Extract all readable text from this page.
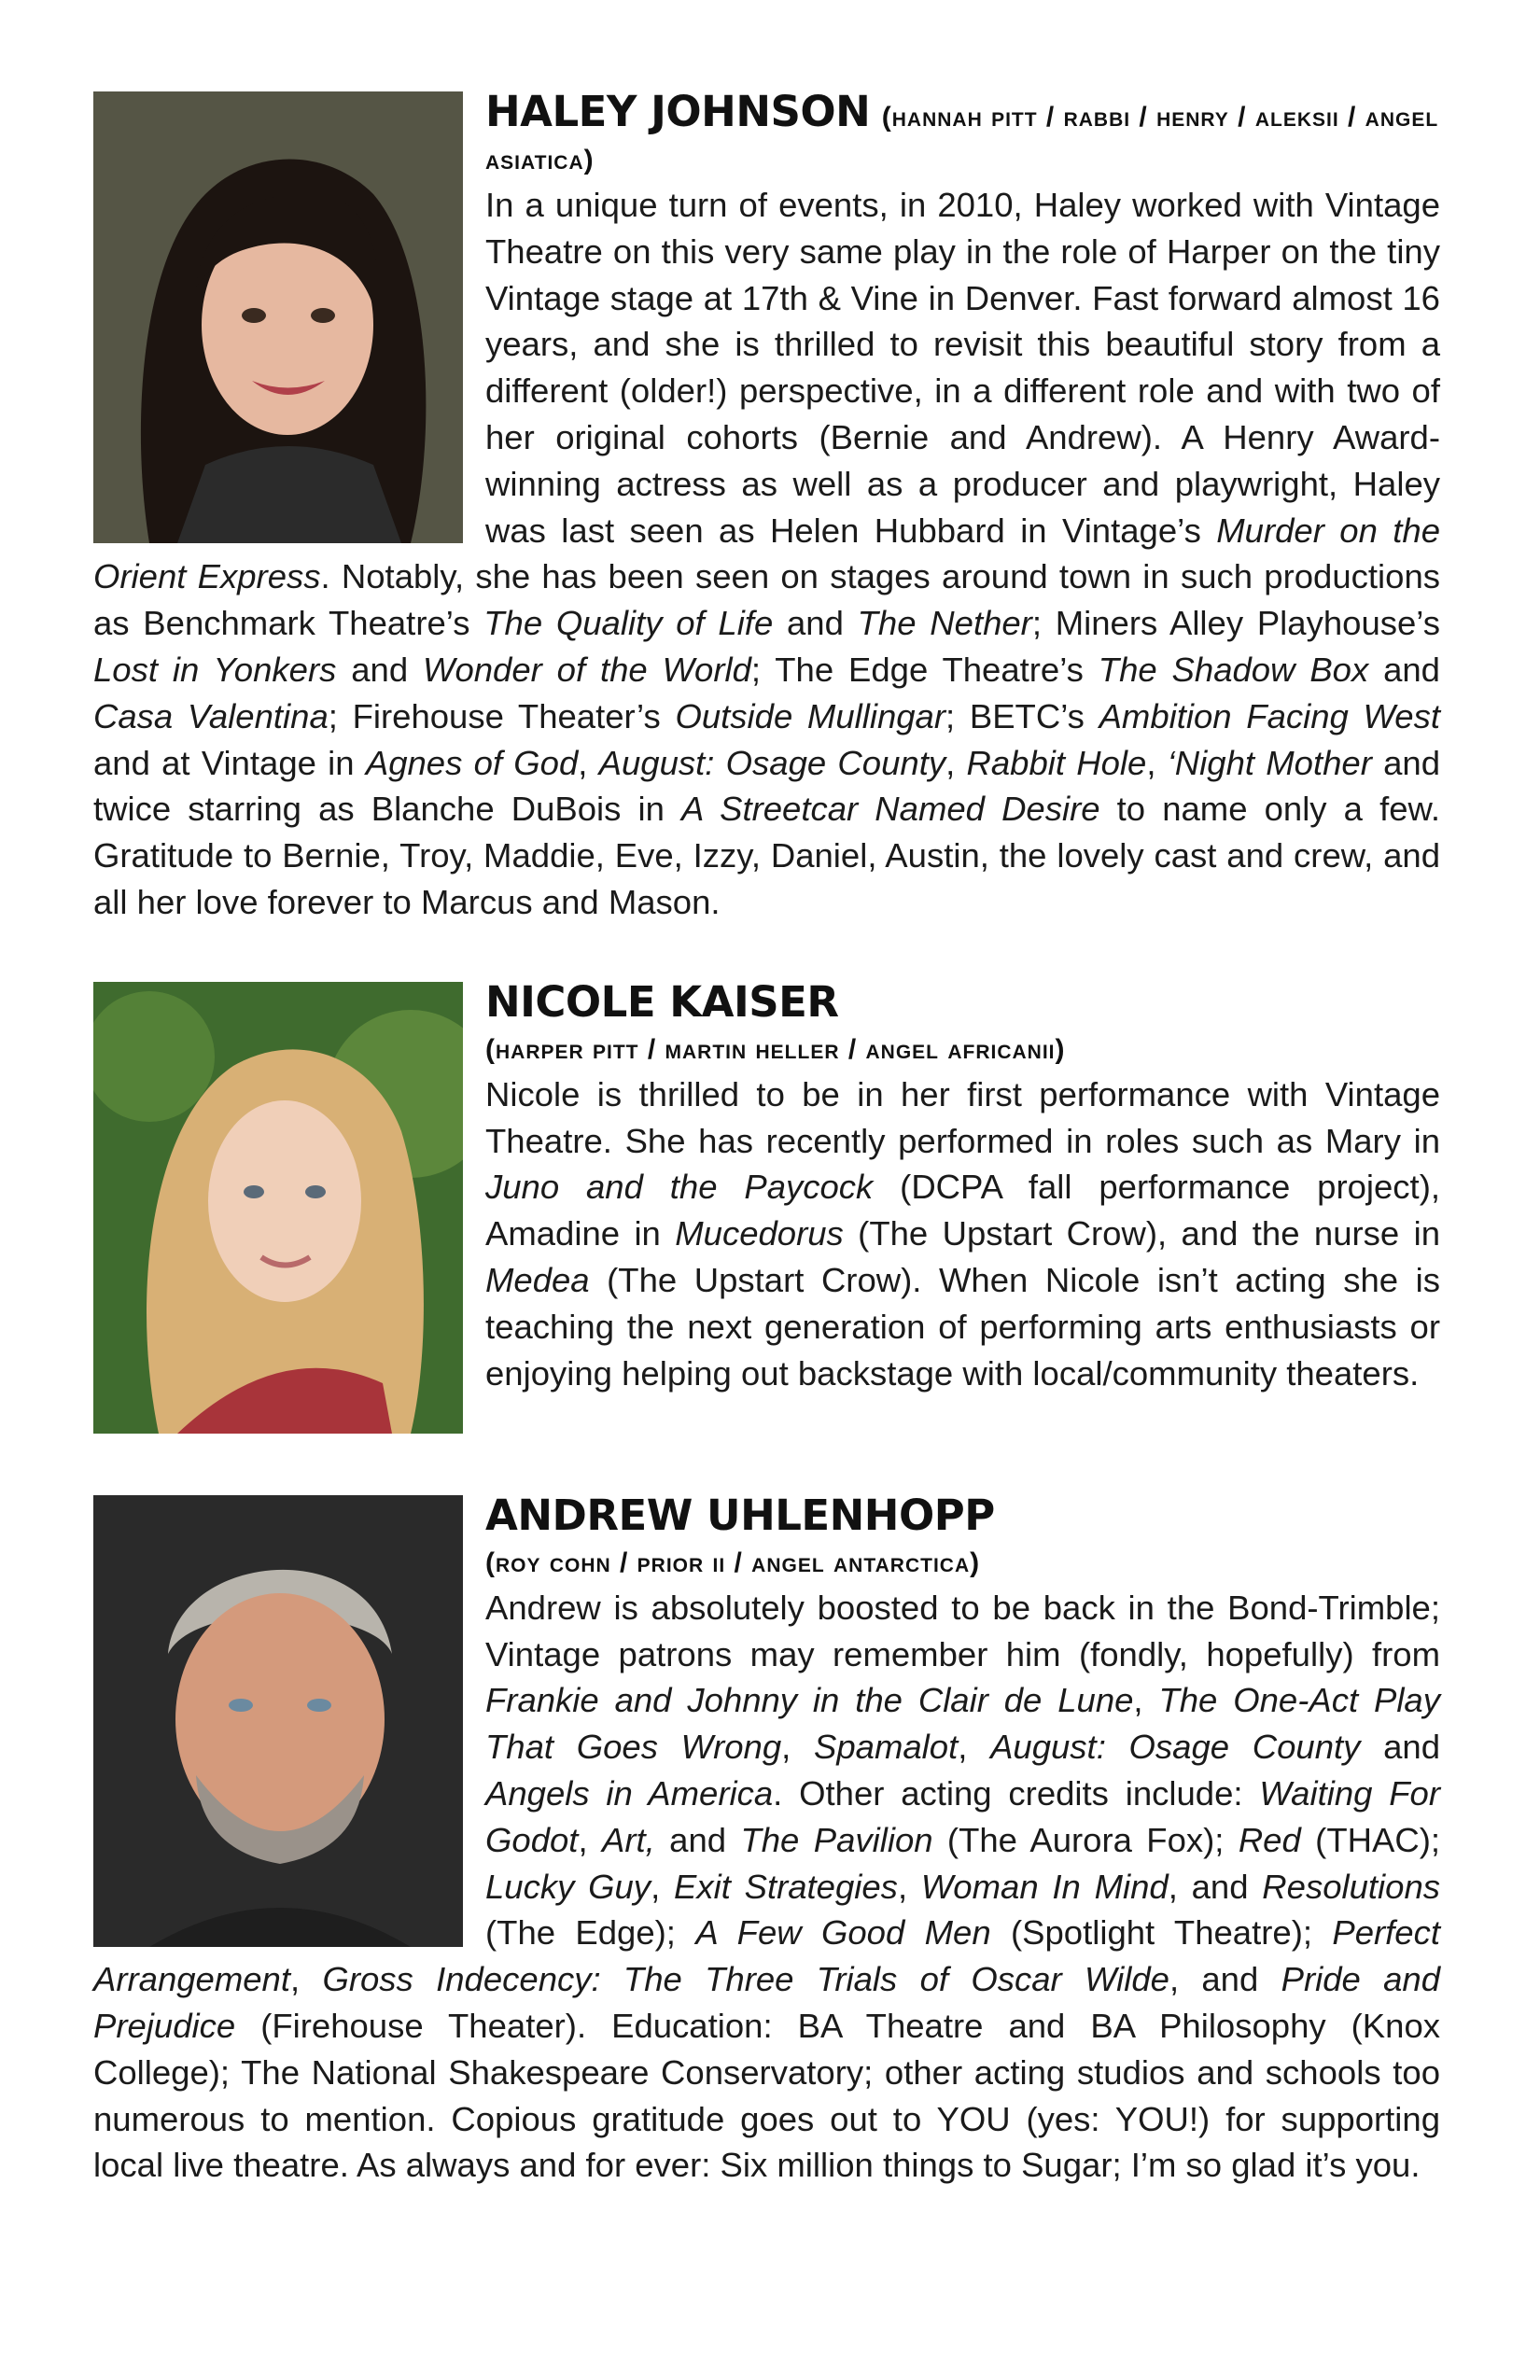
HALEY JOHNSON (hannah pitt / rabbi / henry / aleksii / angel asiatica)

In a unique turn of events, in 2010, Haley worked with Vintage Theatre on this very same play in the role of Harper on the tiny Vintage stage at 17th & Vine in Denver. Fast forward almost 16 years, and she is thrilled to revisit this beautiful story from a different (older!) perspective, in a different role and with two of her original cohorts (Bernie and Andrew). A Henry Award-winning actress as well as a producer and playwright, Haley was last seen as Helen Hubbard in Vintage’s Murder on the Orient Express. Notably, she has been seen on stages around town in such productions as Benchmark Theatre’s The Quality of Life and The Nether; Miners Alley Playhouse’s Lost in Yonkers and Wonder of the World; The Edge Theatre’s The Shadow Box and Casa Valentina; Firehouse Theater’s Outside Mullingar; BETC’s Ambition Facing West and at Vintage in Agnes of God, August: Osage County, Rabbit Hole, ‘Night Mother and twice starring as Blanche DuBois in A Streetcar Named Desire to name only a few. Gratitude to Bernie, Troy, Maddie, Eve, Izzy, Daniel, Austin, the lovely cast and crew, and all her love forever to Marcus and Mason.

NICOLE KAISER
(harper pitt / martin heller / angel africanii)

Nicole is thrilled to be in her first performance with Vintage Theatre. She has recently performed in roles such as Mary in Juno and the Paycock (DCPA fall performance project), Amadine in Mucedorus (The Upstart Crow), and the nurse in Medea (The Upstart Crow). When Nicole isn’t acting she is teaching the next generation of performing arts enthusiasts or enjoying helping out backstage with local/community theaters.

ANDREW UHLENHOPP
(roy cohn / prior ii / angel antarctica)

Andrew is absolutely boosted to be back in the Bond-Trimble; Vintage patrons may remember him (fondly, hopefully) from Frankie and Johnny in the Clair de Lune, The One-Act Play That Goes Wrong, Spamalot, August: Osage County and Angels in America. Other acting credits include: Waiting For Godot, Art, and The Pavilion (The Aurora Fox); Red (THAC); Lucky Guy, Exit Strategies, Woman In Mind, and Resolutions (The Edge); A Few Good Men (Spotlight Theatre); Perfect Arrangement, Gross Indecency: The Three Trials of Oscar Wilde, and Pride and Prejudice (Firehouse Theater). Education: BA Theatre and BA Philosophy (Knox College); The National Shakespeare Conservatory; other acting studios and schools too numerous to mention. Copious gratitude goes out to YOU (yes: YOU!) for supporting local live theatre. As always and for ever: Six million things to Sugar; I’m so glad it’s you.
